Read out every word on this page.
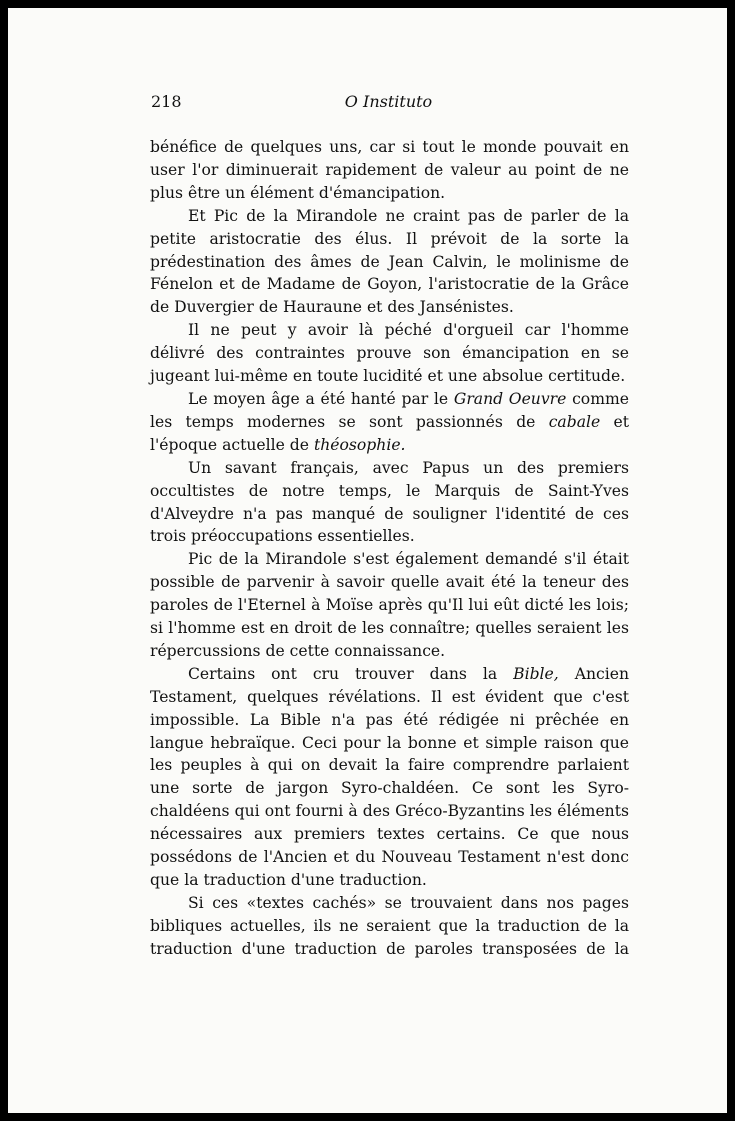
218	O Instituto

bénéfice de quelques uns, car si tout le monde pouvait en user l'or diminuerait rapidement de valeur au point de ne plus être un élément d'émancipation.

Et Pic de la Mirandole ne craint pas de parler de la petite aristocratie des élus. Il prévoit de la sorte la prédestination des âmes de Jean Calvin, le molinisme de Fénelon et de Madame de Goyon, l'aristocratie de la Grâce de Duvergier de Hauraune et des Jansénistes.

Il ne peut y avoir là péché d'orgueil car l'homme délivré des contraintes prouve son émancipation en se jugeant lui-même en toute lucidité et une absolue certitude.

Le moyen âge a été hanté par le Grand Oeuvre comme les temps modernes se sont passionnés de cabale et l'époque actuelle de théosophie.

Un savant français, avec Papus un des premiers occultistes de notre temps, le Marquis de Saint-Yves d'Alveydre n'a pas manqué de souligner l'identité de ces trois préoccupations essentielles.

Pic de la Mirandole s'est également demandé s'il était possible de parvenir à savoir quelle avait été la teneur des paroles de l'Eternel à Moïse après qu'Il lui eût dicté les lois; si l'homme est en droit de les connaître; quelles seraient les répercussions de cette connaissance.

Certains ont cru trouver dans la Bible, Ancien Testament, quelques révélations. Il est évident que c'est impossible. La Bible n'a pas été rédigée ni prêchée en langue hebraïque. Ceci pour la bonne et simple raison que les peuples à qui on devait la faire comprendre parlaient une sorte de jargon Syro-chaldéen. Ce sont les Syro-chaldéens qui ont fourni à des Gréco-Byzantins les éléments nécessaires aux premiers textes certains. Ce que nous possédons de l'Ancien et du Nouveau Testament n'est donc que la traduction d'une traduction.

Si ces «textes cachés» se trouvaient dans nos pages bibliques actuelles, ils ne seraient que la traduction de la traduction d'une traduction de paroles transposées de la
